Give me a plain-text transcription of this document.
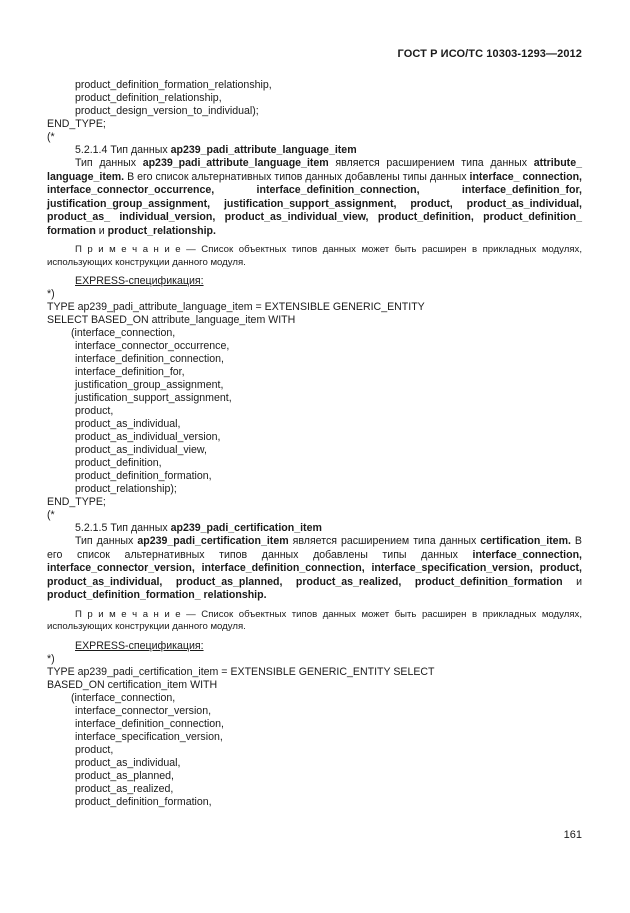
ГОСТ Р ИСО/ТС 10303-1293—2012
product_definition_formation_relationship,
product_definition_relationship,
product_design_version_to_individual);
END_TYPE;
(*
5.2.1.4 Тип данных ap239_padi_attribute_language_item
Тип данных ap239_padi_attribute_language_item является расширением типа данных attribute_ language_item. В его список альтернативных типов данных добавлены типы данных interface_ connection, interface_connector_occurrence, interface_definition_connection, interface_definition_for, justification_group_assignment, justification_support_assignment, product, product_as_individual, product_as_ individual_version, product_as_individual_view, product_definition, product_definition_ formation и product_relationship.
П р и м е ч а н и е — Список объектных типов данных может быть расширен в прикладных модулях, использующих конструкции данного модуля.
EXPRESS-спецификация:
*)
TYPE ap239_padi_attribute_language_item = EXTENSIBLE GENERIC_ENTITY
SELECT BASED_ON attribute_language_item WITH
(interface_connection,
interface_connector_occurrence,
interface_definition_connection,
interface_definition_for,
justification_group_assignment,
justification_support_assignment,
product,
product_as_individual,
product_as_individual_version,
product_as_individual_view,
product_definition,
product_definition_formation,
product_relationship);
END_TYPE;
(*
5.2.1.5 Тип данных ap239_padi_certification_item
Тип данных ap239_padi_certification_item является расширением типа данных certification_item. В его список альтернативных типов данных добавлены типы данных interface_connection, interface_connector_version, interface_definition_connection, interface_specification_version, product, product_as_individual, product_as_planned, product_as_realized, product_definition_formation и product_definition_formation_ relationship.
П р и м е ч а н и е — Список объектных типов данных может быть расширен в прикладных модулях, использующих конструкции данного модуля.
EXPRESS-спецификация:
*)
TYPE ap239_padi_certification_item = EXTENSIBLE GENERIC_ENTITY SELECT
BASED_ON certification_item WITH
(interface_connection,
interface_connector_version,
interface_definition_connection,
interface_specification_version,
product,
product_as_individual,
product_as_planned,
product_as_realized,
product_definition_formation,
161
